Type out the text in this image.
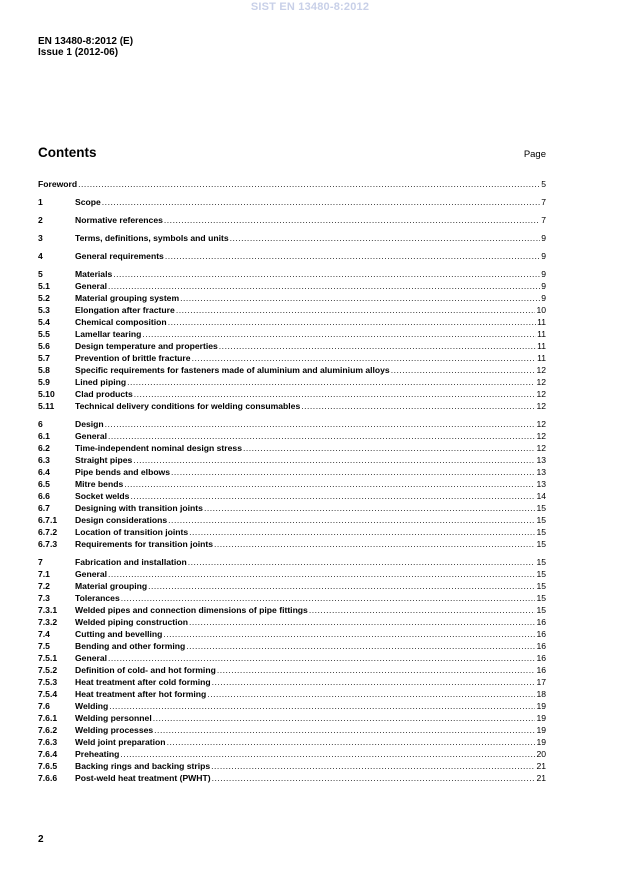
SIST EN 13480-8:2012
EN 13480-8:2012 (E)
Issue 1 (2012-06)
Contents	Page
Foreword .....	5
1	Scope .....	7
2	Normative references .....	7
3	Terms, definitions, symbols and units .....	9
4	General requirements .....	9
5	Materials .....	9
5.1	General .....	9
5.2	Material grouping system .....	9
5.3	Elongation after fracture .....	10
5.4	Chemical composition .....	11
5.5	Lamellar tearing .....	11
5.6	Design temperature and properties .....	11
5.7	Prevention of brittle fracture .....	11
5.8	Specific requirements for fasteners made of aluminium and aluminium alloys .....	12
5.9	Lined piping .....	12
5.10	Clad products .....	12
5.11	Technical delivery conditions for welding consumables .....	12
6	Design .....	12
6.1	General .....	12
6.2	Time-independent nominal design stress .....	12
6.3	Straight pipes .....	13
6.4	Pipe bends and elbows .....	13
6.5	Mitre bends .....	13
6.6	Socket welds .....	14
6.7	Designing with transition joints .....	15
6.7.1	Design considerations .....	15
6.7.2	Location of transition joints .....	15
6.7.3	Requirements for transition joints .....	15
7	Fabrication and installation .....	15
7.1	General .....	15
7.2	Material grouping .....	15
7.3	Tolerances .....	15
7.3.1	Welded pipes and connection dimensions of pipe fittings .....	15
7.3.2	Welded piping construction .....	16
7.4	Cutting and bevelling .....	16
7.5	Bending and other forming .....	16
7.5.1	General .....	16
7.5.2	Definition of cold- and hot forming .....	16
7.5.3	Heat treatment after cold forming .....	17
7.5.4	Heat treatment after hot forming .....	18
7.6	Welding .....	19
7.6.1	Welding personnel .....	19
7.6.2	Welding processes .....	19
7.6.3	Weld joint preparation .....	19
7.6.4	Preheating .....	20
7.6.5	Backing rings and backing strips .....	21
7.6.6	Post-weld heat treatment (PWHT) .....	21
2
